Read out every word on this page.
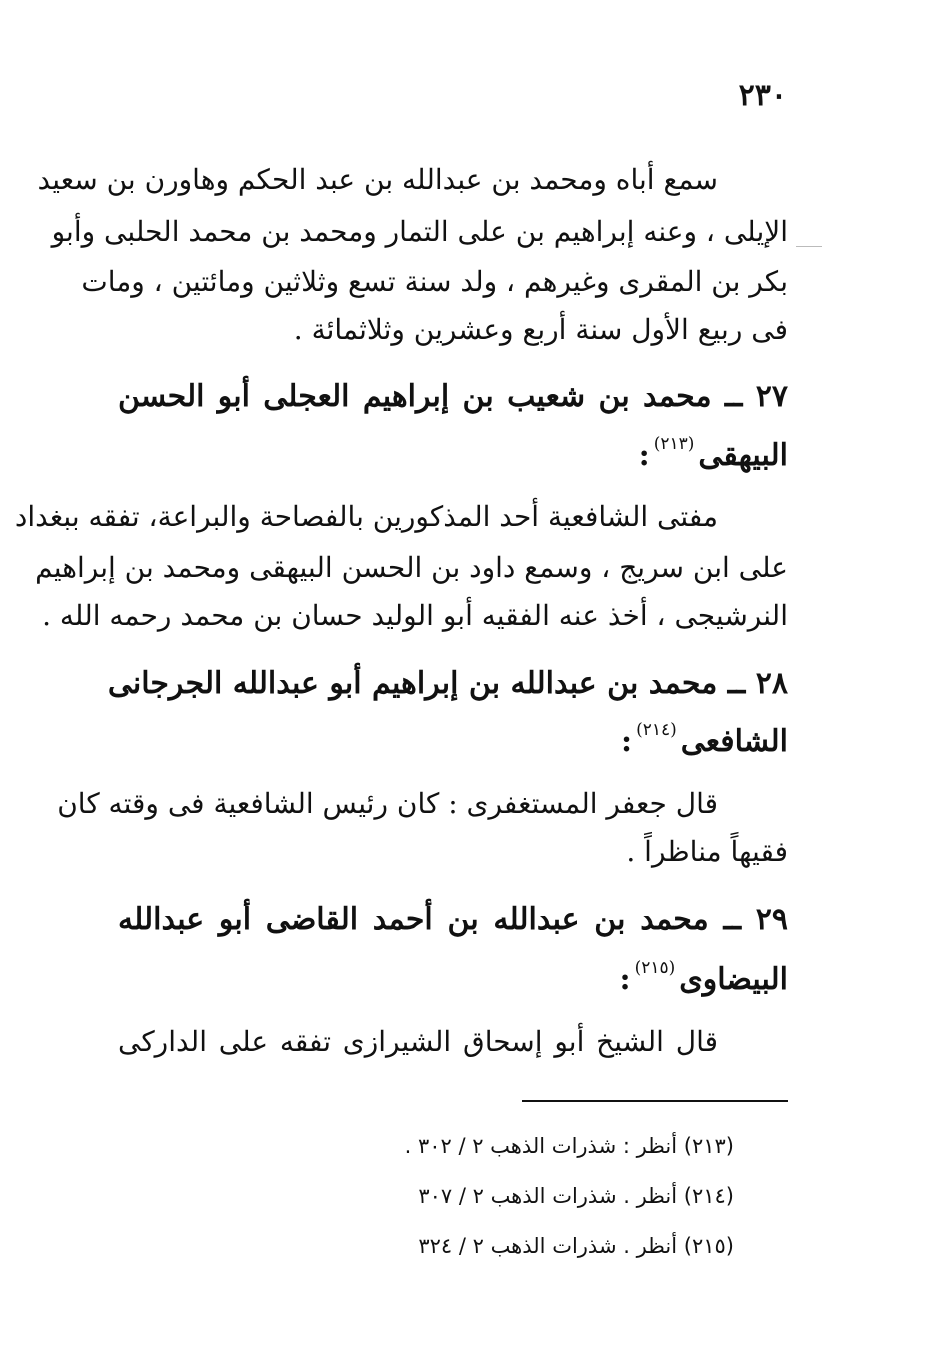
٢٣٠
سمع أباه ومحمد بن عبدالله بن عبد الحكم وهاورن بن سعيد
الإيلى ، وعنه إبراهيم بن على التمار ومحمد بن محمد الحلبى وأبو
بكر بن المقرى وغيرهم ، ولد سنة تسع وثلاثين ومائتين ، ومات
فى ربيع الأول سنة أربع وعشرين وثلاثمائة .
٢٧ ــ محمد بن شعيب بن إبراهيم العجلى أبو الحسن
البيهقى$^{(٢١٣)}$:
مفتى الشافعية أحد المذكورين بالفصاحة والبراعة، تفقه ببغداد
على ابن سريج ، وسمع داود بن الحسن البيهقى ومحمد بن إبراهيم
النرشيجى ، أخذ عنه الفقيه أبو الوليد حسان بن محمد رحمه الله .
٢٨ ــ محمد بن عبدالله بن إبراهيم أبو عبدالله الجرجانى
الشافعى$^{(٢١٤)}$:
قال جعفر المستغفرى : كان رئيس الشافعية فى وقته كان
فقيهاً مناظراً .
٢٩ ــ محمد بن عبدالله بن أحمد القاضى أبو عبدالله
البيضاوى$^{(٢١٥)}$:
قال الشيخ أبو إسحاق الشيرازى تفقه على الداركى
(٢١٣) أنظر : شذرات الذهب ٢ / ٣٠٢ .
(٢١٤) أنظر . شذرات الذهب ٢ / ٣٠٧
(٢١٥) أنظر . شذرات الذهب ٢ / ٣٢٤
